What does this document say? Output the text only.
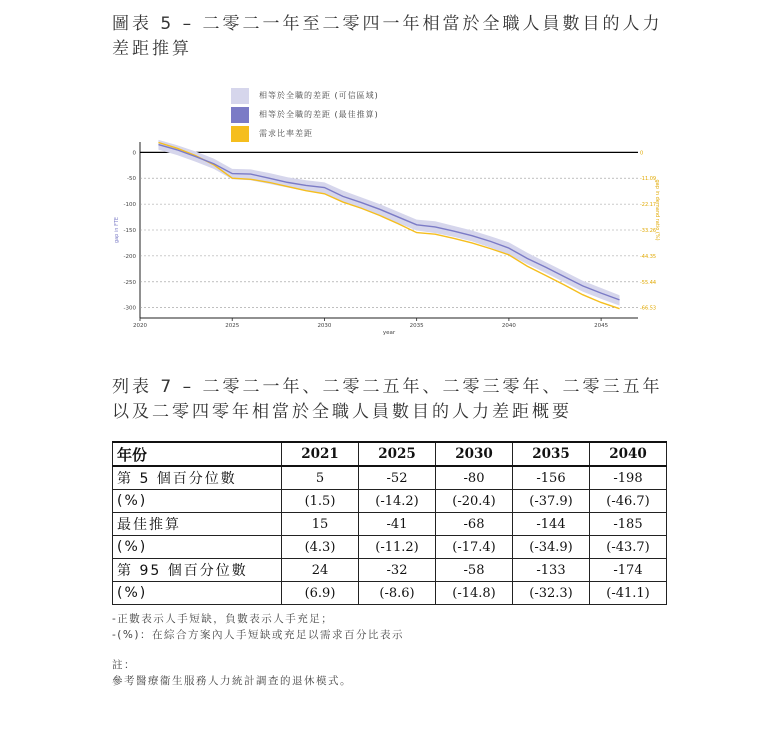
圖表 5 – 二零二一年至二零四一年相當於全職人員數目的人力差距推算
相等於全職的差距 (可信區域)
相等於全職的差距 (最佳推算)
需求比率差距
0	0
-50	-11.09
-100	-22.17
-150	-33.26
-200	-44.35
-250	-55.44
-300	-66.53
2020	2025	2030	2035	2040	2045
year
gap in FTE	gap in demand ratio (%)
列表 7 – 二零二一年、二零二五年、二零三零年、二零三五年以及二零四零年相當於全職人員數目的人力差距概要
年份	2021	2025	2030	2035	2040
第 5 個百分位數	5	-52	-80	-156	-198
(%)	(1.5)	(-14.2)	(-20.4)	(-37.9)	(-46.7)
最佳推算	15	-41	-68	-144	-185
(%)	(4.3)	(-11.2)	(-17.4)	(-34.9)	(-43.7)
第 95 個百分位數	24	-32	-58	-133	-174
(%)	(6.9)	(-8.6)	(-14.8)	(-32.3)	(-41.1)
-正數表示人手短缺，負數表示人手充足；
-(%)：在綜合方案內人手短缺或充足以需求百分比表示
註：
參考醫療衞生服務人力統計調查的退休模式。
